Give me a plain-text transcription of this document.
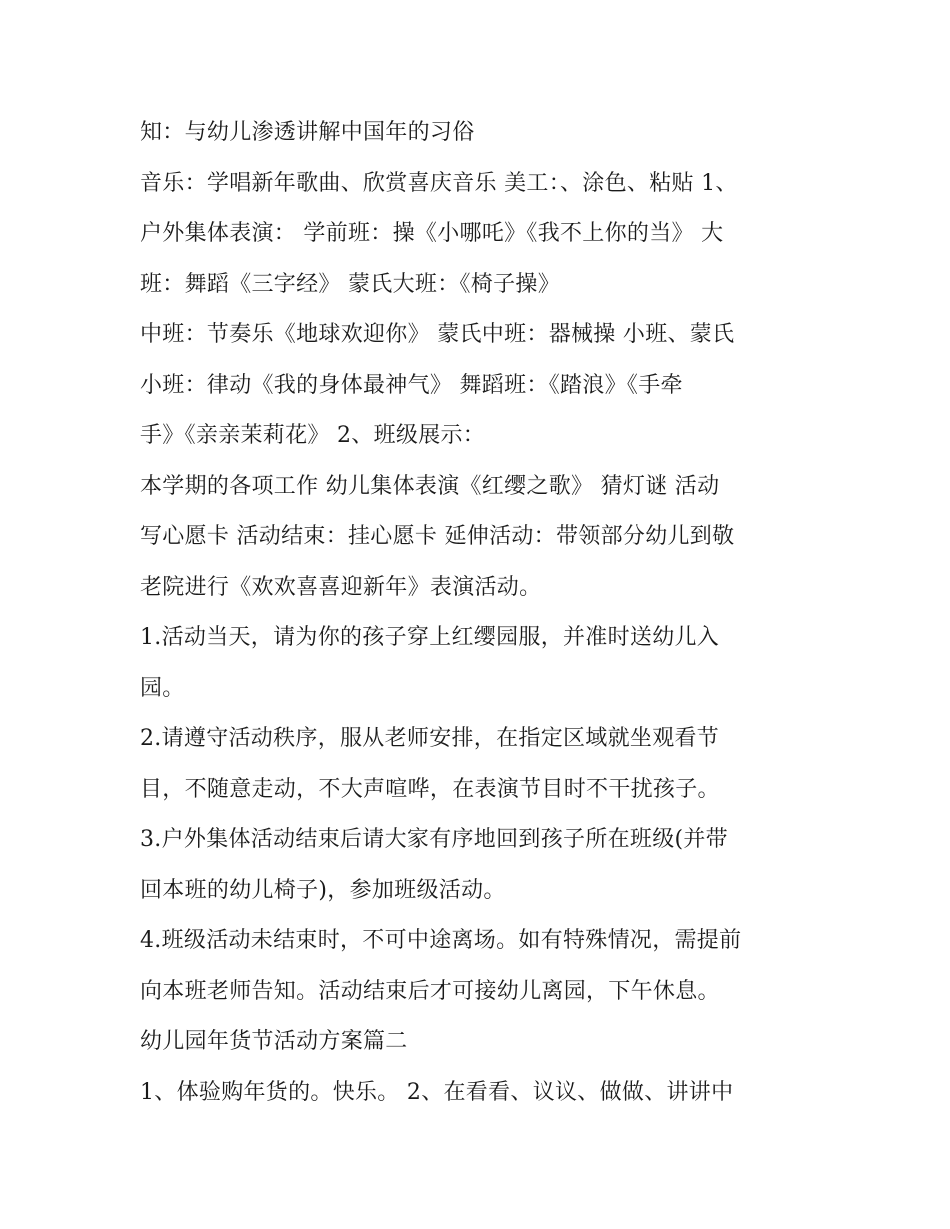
知：与幼儿渗透讲解中国年的习俗
音乐：学唱新年歌曲、欣赏喜庆音乐 美工：、涂色、粘贴 1、
户外集体表演： 学前班：操《小哪吒》《我不上你的当》 大
班：舞蹈《三字经》 蒙氏大班：《椅子操》
中班：节奏乐《地球欢迎你》 蒙氏中班：器械操 小班、蒙氏
小班：律动《我的身体最神气》 舞蹈班：《踏浪》《手牵
手》《亲亲茉莉花》 2、班级展示：
本学期的各项工作 幼儿集体表演《红缨之歌》 猜灯谜 活动
写心愿卡 活动结束：挂心愿卡 延伸活动：带领部分幼儿到敬
老院进行《欢欢喜喜迎新年》表演活动。
1.活动当天，请为你的孩子穿上红缨园服，并准时送幼儿入
园。
2.请遵守活动秩序，服从老师安排，在指定区域就坐观看节
目，不随意走动，不大声喧哗，在表演节目时不干扰孩子。
3.户外集体活动结束后请大家有序地回到孩子所在班级(并带
回本班的幼儿椅子)，参加班级活动。
4.班级活动未结束时，不可中途离场。如有特殊情况，需提前
向本班老师告知。活动结束后才可接幼儿离园，下午休息。
幼儿园年货节活动方案篇二
1、体验购年货的。快乐。 2、在看看、议议、做做、讲讲中
